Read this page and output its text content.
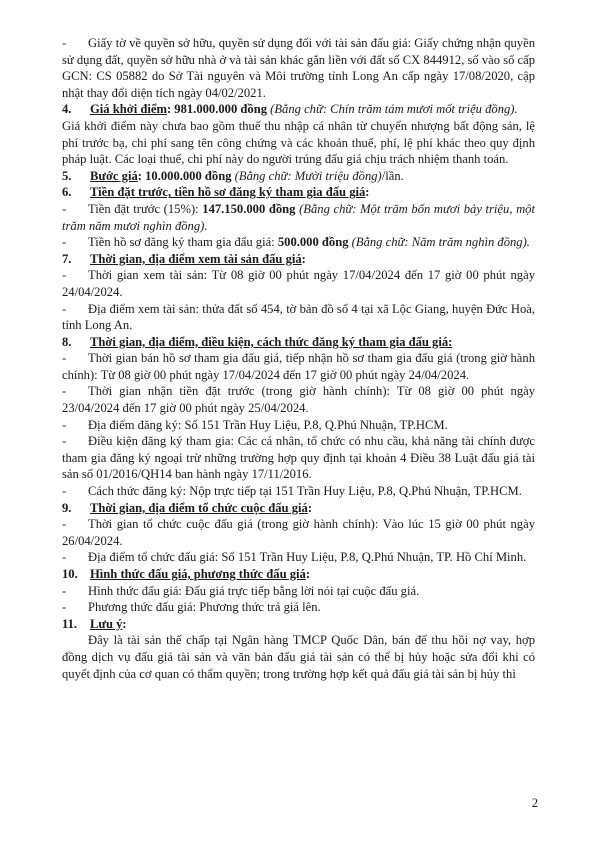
- Giấy tờ về quyền sở hữu, quyền sử dụng đối với tài sản đấu giá: Giấy chứng nhận quyền sử dụng đất, quyền sở hữu nhà ở và tài sản khác gắn liền với đất số CX 844912, số vào sổ cấp GCN: CS 05882 do Sở Tài nguyên và Môi trường tỉnh Long An cấp ngày 17/08/2020, cập nhật thay đổi diện tích ngày 04/02/2021.

4. Giá khởi điểm: 981.000.000 đồng (Bằng chữ: Chín trăm tám mươi mốt triệu đồng).

Giá khởi điểm này chưa bao gồm thuế thu nhập cá nhân từ chuyển nhượng bất động sản, lệ phí trước bạ, chi phí sang tên công chứng và các khoản thuế, phí, lệ phí khác theo quy định pháp luật. Các loại thuế, chi phí này do người trúng đấu giá chịu trách nhiệm thanh toán.

5. Bước giá: 10.000.000 đồng (Bằng chữ: Mười triệu đồng)/lần.

6. Tiền đặt trước, tiền hồ sơ đăng ký tham gia đấu giá:

- Tiền đặt trước (15%): 147.150.000 đồng (Bằng chữ: Một trăm bốn mươi bảy triệu, một trăm năm mươi nghìn đồng).

- Tiền hồ sơ đăng ký tham gia đấu giá: 500.000 đồng (Bằng chữ: Năm trăm nghìn đồng).

7. Thời gian, địa điểm xem tài sản đấu giá:

- Thời gian xem tài sản: Từ 08 giờ 00 phút ngày 17/04/2024 đến 17 giờ 00 phút ngày 24/04/2024.

- Địa điểm xem tài sản: thửa đất số 454, tờ bản đồ số 4 tại xã Lộc Giang, huyện Đức Hoà, tỉnh Long An.

8. Thời gian, địa điểm, điều kiện, cách thức đăng ký tham gia đấu giá:

- Thời gian bán hồ sơ tham gia đấu giá, tiếp nhận hồ sơ tham gia đấu giá (trong giờ hành chính): Từ 08 giờ 00 phút ngày 17/04/2024 đến 17 giờ 00 phút ngày 24/04/2024.

- Thời gian nhận tiền đặt trước (trong giờ hành chính): Từ 08 giờ 00 phút ngày 23/04/2024 đến 17 giờ 00 phút ngày 25/04/2024.

- Địa điểm đăng ký: Số 151 Trần Huy Liệu, P.8, Q.Phú Nhuận, TP.HCM.

- Điều kiện đăng ký tham gia: Các cá nhân, tổ chức có nhu cầu, khả năng tài chính được tham gia đăng ký ngoại trừ những trường hợp quy định tại khoản 4 Điều 38 Luật đấu giá tài sản số 01/2016/QH14 ban hành ngày 17/11/2016.

- Cách thức đăng ký: Nộp trực tiếp tại 151 Trần Huy Liệu, P.8, Q.Phú Nhuận, TP.HCM.

9. Thời gian, địa điểm tổ chức cuộc đấu giá:

- Thời gian tổ chức cuộc đấu giá (trong giờ hành chính): Vào lúc 15 giờ 00 phút ngày 26/04/2024.

- Địa điểm tổ chức đấu giá: Số 151 Trần Huy Liệu, P.8, Q.Phú Nhuận, TP. Hồ Chí Minh.

10. Hình thức đấu giá, phương thức đấu giá:

- Hình thức đấu giá: Đấu giá trực tiếp bằng lời nói tại cuộc đấu giá.

- Phương thức đấu giá: Phương thức trả giá lên.

11. Lưu ý:

Đây là tài sản thế chấp tại Ngân hàng TMCP Quốc Dân, bán để thu hồi nợ vay, hợp đồng dịch vụ đấu giá tài sản và văn bản đấu giá tài sản có thể bị hủy hoặc sửa đổi khi có quyết định của cơ quan có thẩm quyền; trong trường hợp kết quả đấu giá tài sản bị hủy thì

2
